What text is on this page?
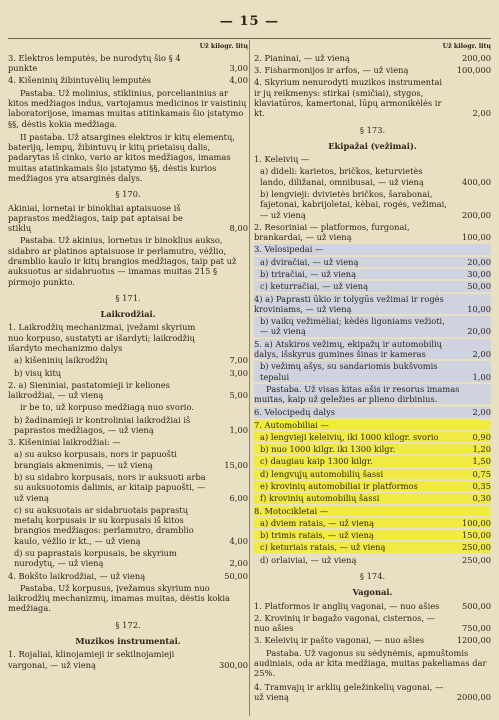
— 15 —
Už kilogr. litų
3. Elektros lemputės, be nurodytų šio § 4 punkte	3,00
4. Kišeninių žibintuvėlių lemputės	4,00
Pastaba. Už molinius, stiklinius, porcelianinius ar kitos medžiagos indus, vartojamus medicinos ir vaistinių laboratorijose, imamas muitas atitinkamais šio įstatymo §§, dėstis kokia medžiaga.
II pastaba. Už atsargines elektros ir kitų elementų, baterijų, lempų, žibintuvų ir kitų prietaisų dalis, padarytas iš cinko, vario ar kitos medžiagos, imamas muitas atatinkamais šio įstatymo §§, dėstis kurios medžiagos yra atsarginės dalys.
§ 170.
Akiniai, lornetai ir binokliai aptaisuose iš paprastos medžiagos, taip pat aptaisai be stiklų	8,00
Pastaba. Už akinius, lornetus ir binoklius aukso, sidabro ar platinos aptaisuose ir perlamutro, vėžlio, dramblio kaulo ir kitų brangios medžiagos, taip pat už auksuotus ar sidabruotus — imamas muitas 215 § pirmojo punkto.
§ 171.
Laikrodžiai.
1. Laikrodžių mechanizmai, įvežami skyrium nuo korpuso, sustatyti ar išardyti; laikrodžių išardyto mechanizmo dalys
a) kišeninių laikrodžių	7,00
b) visų kitų	3,00
2. a) Sieniniai, pastatomieji ir keliones laikrodžiai, — už vieną	5,00
ir be to, už korpuso medžiagą nuo svorio.
b) žadinamieji ir kontroliniai laikrodžiai iš paprastos medžiagos, — už vieną	1,00
3. Kišeniniai laikrodžiai: —
a) su aukso korpusais, nors ir papuošti brangiais akmenimis, — už vieną	15,00
b) su sidabro korpusais, nors ir auksuoti arba su auksuotomis dalimis, ar kitaip papuošti, — už vieną	6,00
c) su auksuotais ar sidabruotais paprastų metalų korpusais ir su korpusais iš kitos brangios medžiagos: perlamutro, dramblio kaulo, vėžlio ir kt., — už vieną	4,00
d) su paprastais korpusais, be skyrium nurodytų, — už vieną	2,00
4. Bokšto laikrodžiai, — už vieną	50,00
Pastaba. Už korpusus, įvežamus skyrium nuo laikrodžių mechanizmų, imamas muitas, dėstis kokia medžiaga.
§ 172.
Muzikos instrumentai.
1. Rojaliai, klinojamieji ir sekilnojamieji vargonai, — už vieną	300,00
Už kilogr. litų
2. Pianinai, — už vieną	200,00
3. Fisharmonijos ir arfos, — už vieną	100,000
4. Skyrium nenurodyti muzikos instrumentai ir jų reikmenys: stirkai (smičiai), stygos, klaviatūros, kamertonai, lūpų armonikėlės ir kt.	2,00
§ 173.
Ekipažai (vežimai).
1. Keleivių —
a) dideli: karietos, bričkos, keturvietės lando, diližanai, omnibusai, — už vieną	400,00
b) lengvieji: dvivietės bričkos, šarabonai, fajetonai, kabrijoletai, kėbai, rogės, vežimai, — už vieną	200,00
2. Resoriniai — platformos, furgonai, brankardai, — už vieną	100,00
3. Velosipedai —
a) dviračiai, — už vieną	20,00
b) triračiai, — už vieną	30,00
c) keturračiai, — už vieną	50,00
4) a) Paprasti ūkio ir tolygūs vežimai ir rogės kroviniams, — už vieną	10,00
b) vaikų vežimėliai; kėdės ligoniams vežioti, — už vieną	20,00
5. a) Atskiros vežimų, ekipažų ir automobilių dalys, išskyrus gumines šinas ir kameras	2,00
b) vežimų ašys, su sandariomis bukšvomis tepalui	1,00
Pastaba. Už visas kitas ašis ir resorus imamas muitas, kaip už geležies ar plieno dirbinius.
6. Velocipedų dalys	2,00
7. Automobiliai —
a) lengvieji keleivių, iki 1000 kilogr. svorio	0,90
b) nuo 1000 kilgr. iki 1300 kilgr.	1,20
c) daugiau kaip 1300 kilgr.	1,50
d) lengvųjų automobilių šassi	0,75
e) krovinių automobiliai ir platformos	0,35
f) krovinių automobilių šassi	0,30
8. Motocikletai —
a) dviem ratais, — už vieną	100,00
b) trimis ratais, — už vieną	150,00
c) keturiais ratais, — už vieną	250,00
d) orlaiviai, — už vieną	250,00
§ 174.
Vagonai.
1. Platformos ir anglių vagonai, — nuo ašies	500,00
2. Krovinių ir bagažo vagonai, cisternos, — nuo ašies	750,00
3. Keleivių ir pašto vagonai, — nuo ašies	1200,00
Pastaba. Už vagonus su sėdynėmis, apmuštomis audiniais, oda ar kita medžiaga, muitas pakeliamas dar 25%.
4. Tramvajų ir arklių geležinkelių vagonai, — už vieną	2000,00
